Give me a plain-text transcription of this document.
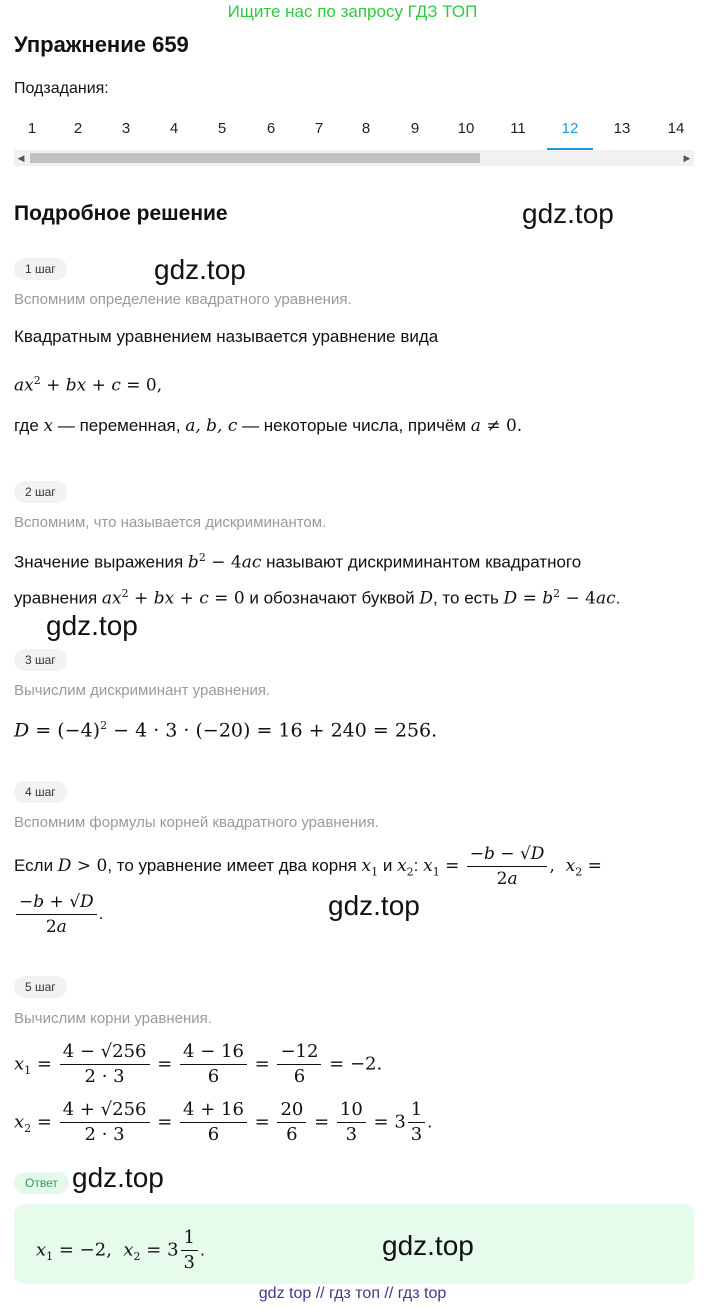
Ищите нас по запросу ГДЗ ТОП
Упражнение 659
Подзадания:
1	2	3	4	5	6	7	8	9	10	11	12	13	14
◀	▶
Подробное решение	gdz.top
1 шаг	gdz.top
Вспомним определение квадратного уравнения.
Квадратным уравнением называется уравнение вида
$ax^2$ + bx + c = 0,
где x — переменная, a, b, c — некоторые числа, причём a ≠ 0.
2 шаг
Вспомним, что называется дискриминантом.
Значение выражения $b^2 - 4ac$ называют дискриминантом квадратного
уравнения $ax^2$ + bx + c = 0 и обозначают буквой D, то есть $D = b^2 - 4ac$.
gdz.top
3 шаг
Вычислим дискриминант уравнения.
$D = (-4)^2 - 4 \cdot 3 \cdot (-20) = 16 + 240 = 256$.
4 шаг
Вспомним формулы корней квадратного уравнения.
Если D > 0, то уравнение имеет два корня $x_1$ и $x_2$: $x_1 = \frac{-b - √D}{2a}$ ,  $x_2$ =
$\frac{-b + √D}{2a}$ .	gdz.top
5 шаг
Вычислим корни уравнения.
$x_1 = \frac{4 - √256}{2 \cdot 3} = \frac{4 - 16}{6} = \frac{-12}{6} = -2$.
$x_2 = \frac{4 + √256}{2 \cdot 3} = \frac{4 + 16}{6} = \frac{20}{6} = \frac{10}{3} = 3 \frac{1}{3}$ .
Ответ gdz.top
$x_1 = -2$,  $x_2 = 3 \frac{1}{3}$ .	gdz.top
gdz top // гдз топ // гдз top
